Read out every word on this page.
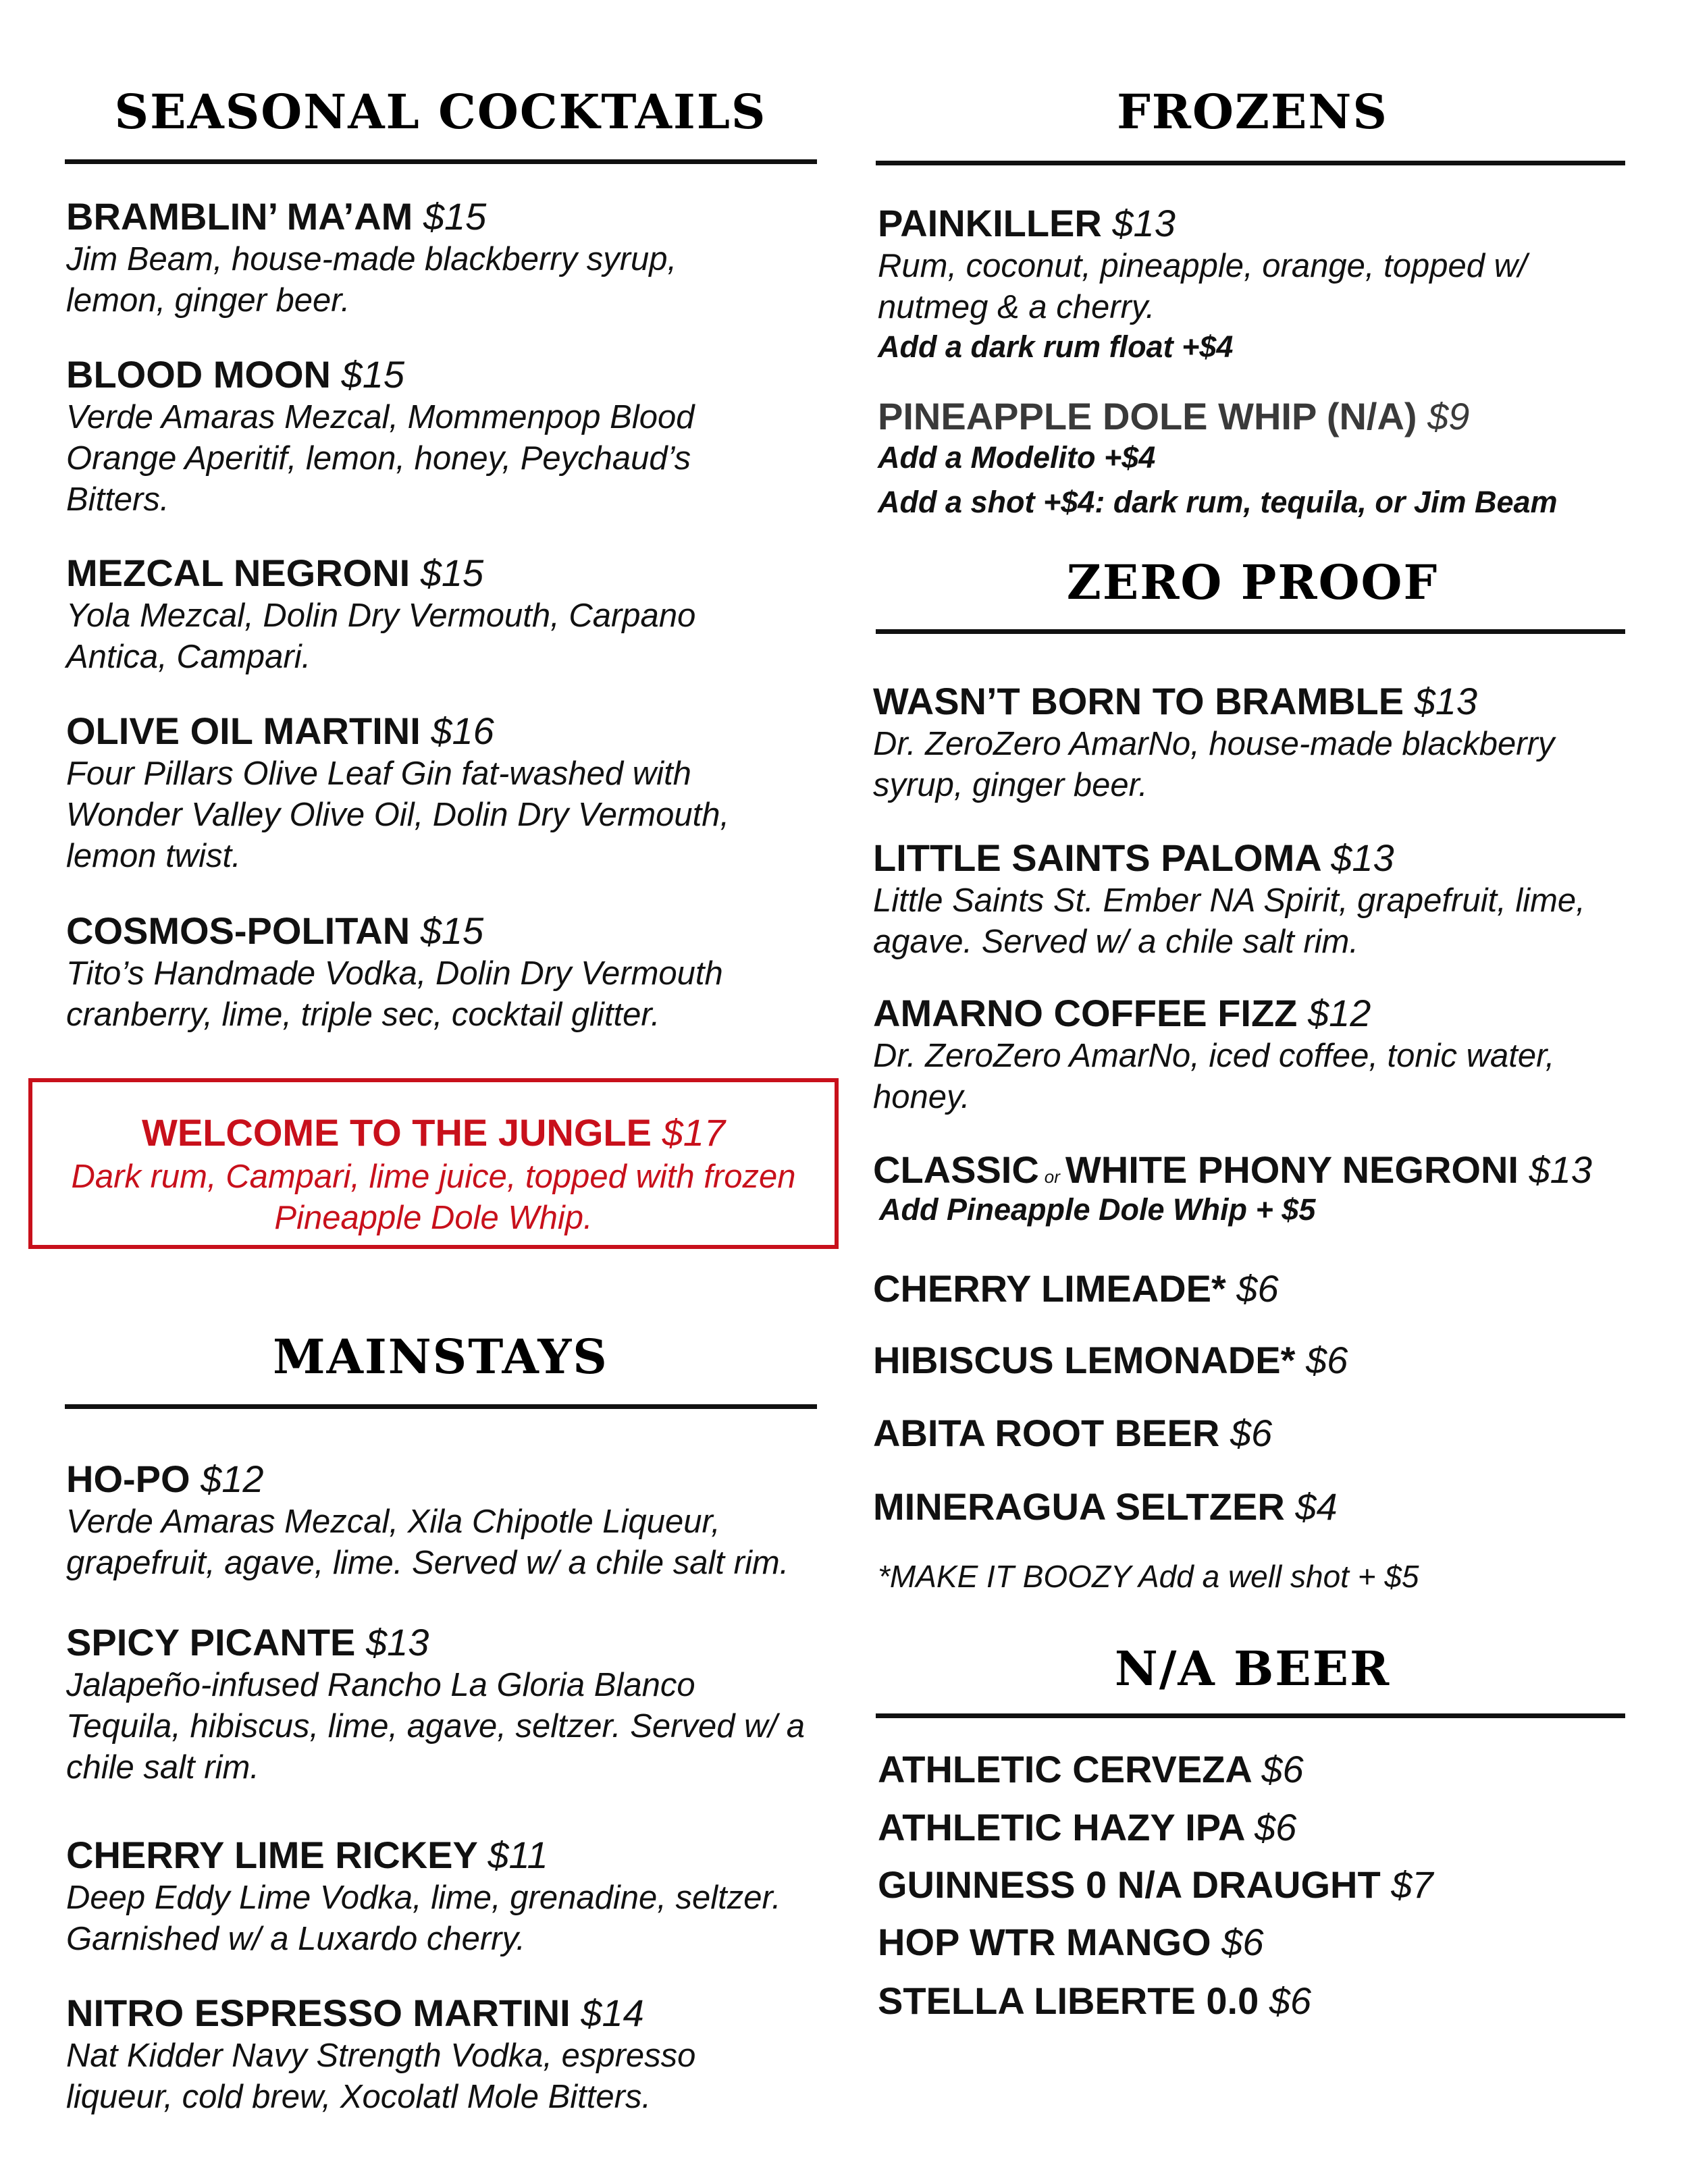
SEASONAL COCKTAILS

BRAMBLIN’ MA’AM $15

Jim Beam, house-made blackberry syrup, lemon, ginger beer.

BLOOD MOON $15

Verde Amaras Mezcal, Mommenpop Blood Orange Aperitif, lemon, honey, Peychaud’s Bitters.

MEZCAL NEGRONI $15

Yola Mezcal, Dolin Dry Vermouth, Carpano Antica, Campari.

OLIVE OIL MARTINI $16

Four Pillars Olive Leaf Gin fat-washed with Wonder Valley Olive Oil, Dolin Dry Vermouth, lemon twist.

COSMOS-POLITAN $15

Tito’s Handmade Vodka, Dolin Dry Vermouth cranberry, lime, triple sec, cocktail glitter.

WELCOME TO THE JUNGLE $17

Dark rum, Campari, lime juice, topped with frozen

Pineapple Dole Whip.

MAINSTAYS

HO-PO $12

Verde Amaras Mezcal, Xila Chipotle Liqueur, grapefruit, agave, lime. Served w/ a chile salt rim.

SPICY PICANTE $13

Jalapeño-infused Rancho La Gloria Blanco Tequila, hibiscus, lime, agave, seltzer. Served w/ a chile salt rim.

CHERRY LIME RICKEY $11

Deep Eddy Lime Vodka, lime, grenadine, seltzer. Garnished w/ a Luxardo cherry.

NITRO ESPRESSO MARTINI $14

Nat Kidder Navy Strength Vodka, espresso liqueur, cold brew, Xocolatl Mole Bitters.

FROZENS

PAINKILLER $13

Rum, coconut, pineapple, orange, topped w/ nutmeg & a cherry.

Add a dark rum float +$4

PINEAPPLE DOLE WHIP (N/A) $9

Add a Modelito +$4

Add a shot +$4: dark rum, tequila, or Jim Beam

ZERO PROOF

WASN’T BORN TO BRAMBLE $13

Dr. ZeroZero AmarNo, house-made blackberry syrup, ginger beer.

LITTLE SAINTS PALOMA $13

Little Saints St. Ember NA Spirit, grapefruit, lime, agave. Served w/ a chile salt rim.

AMARNO COFFEE FIZZ $12

Dr. ZeroZero AmarNo, iced coffee, tonic water, honey.

CLASSIC or WHITE PHONY NEGRONI $13

Add Pineapple Dole Whip + $5

CHERRY LIMEADE* $6

HIBISCUS LEMONADE* $6

ABITA ROOT BEER $6

MINERAGUA SELTZER $4

*MAKE IT BOOZY Add a well shot + $5
N/A BEER

ATHLETIC CERVEZA $6

ATHLETIC HAZY IPA $6

GUINNESS 0 N/A DRAUGHT $7

HOP WTR MANGO $6

STELLA LIBERTE 0.0 $6
